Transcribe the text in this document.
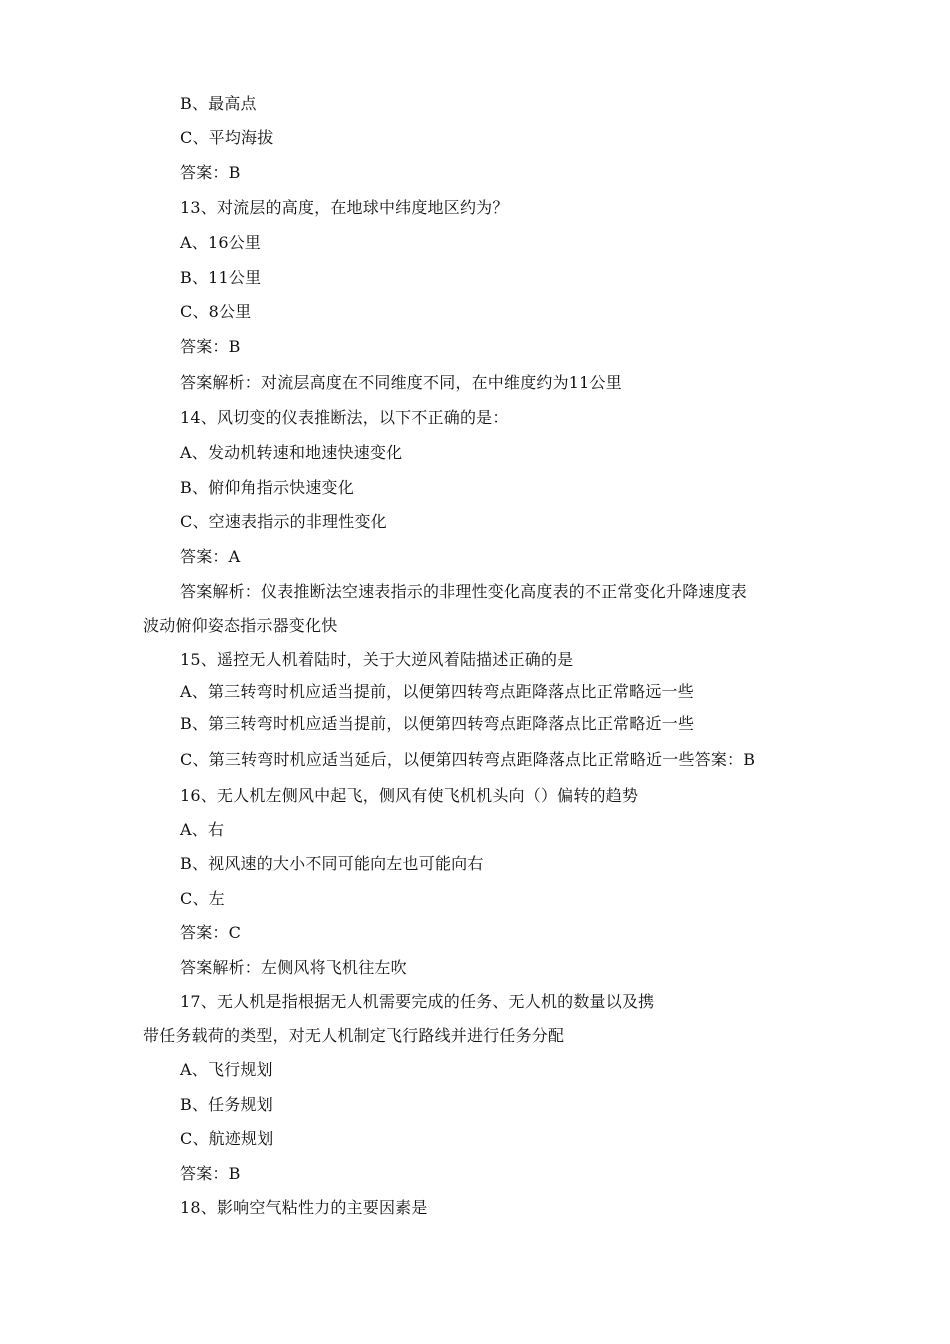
B、最高点
C、平均海拔
答案：B
13、对流层的高度，在地球中纬度地区约为？
A、16公里
B、11公里
C、8公里
答案：B
答案解析：对流层高度在不同维度不同，在中维度约为11公里
14、风切变的仪表推断法，以下不正确的是：
A、发动机转速和地速快速变化
B、俯仰角指示快速变化
C、空速表指示的非理性变化
答案：A
答案解析：仪表推断法空速表指示的非理性变化高度表的不正常变化升降速度表
波动俯仰姿态指示器变化快
15、遥控无人机着陆时，关于大逆风着陆描述正确的是
A、第三转弯时机应适当提前，以便第四转弯点距降落点比正常略远一些
B、第三转弯时机应适当提前，以便第四转弯点距降落点比正常略近一些
C、第三转弯时机应适当延后，以便第四转弯点距降落点比正常略近一些答案：B
16、无人机左侧风中起飞，侧风有使飞机机头向（）偏转的趋势
A、右
B、视风速的大小不同可能向左也可能向右
C、左
答案：C
答案解析：左侧风将飞机往左吹
17、无人机是指根据无人机需要完成的任务、无人机的数量以及携
带任务载荷的类型，对无人机制定飞行路线并进行任务分配
A、飞行规划
B、任务规划
C、航迹规划
答案：B
18、影响空气粘性力的主要因素是
